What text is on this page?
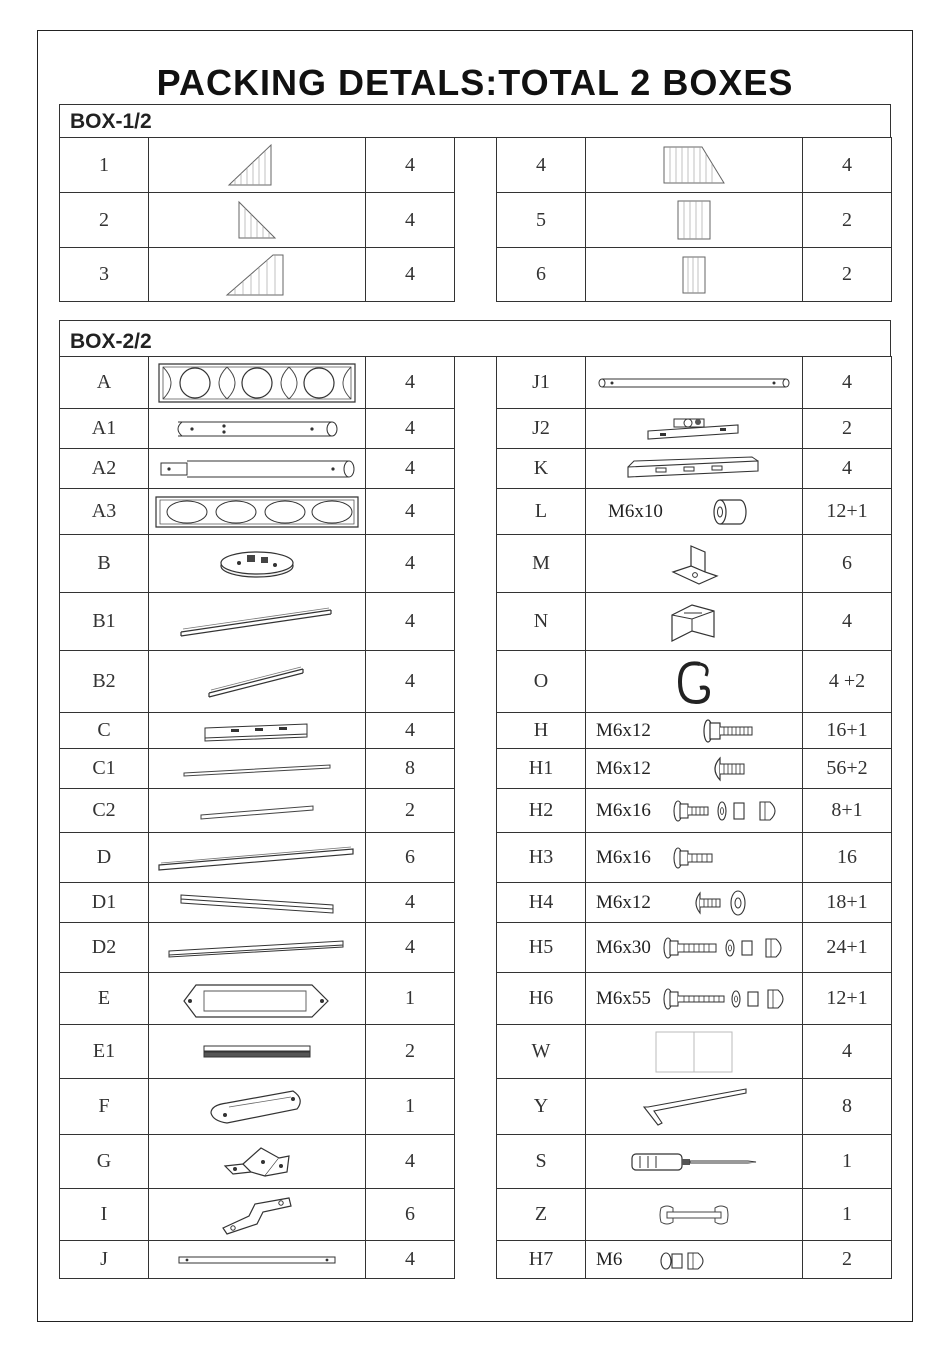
PACKING DETALS:TOTAL 2 BOXES
BOX-1/2
1		4
2		4
3		4
4		4
5		2
6		2
BOX-2/2
A		4
A1		4
A2		4
A3		4
B		4
B1		4
B2		4
C		4
C1		8
C2		2
D		6
D1		4
D2		4
E		1
E1		2
F		1
G		4
I		6
J		4
J1		4
J2		2
K		4
L	M6x10	12+1
M		6
N		4
O		4 +2
H	M6x12	16+1
H1	M6x12	56+2
H2	M6x16	8+1
H3	M6x16	16
H4	M6x12	18+1
H5	M6x30	24+1
H6	M6x55	12+1
W		4
Y		8
S		1
Z		1
H7	M6	2
